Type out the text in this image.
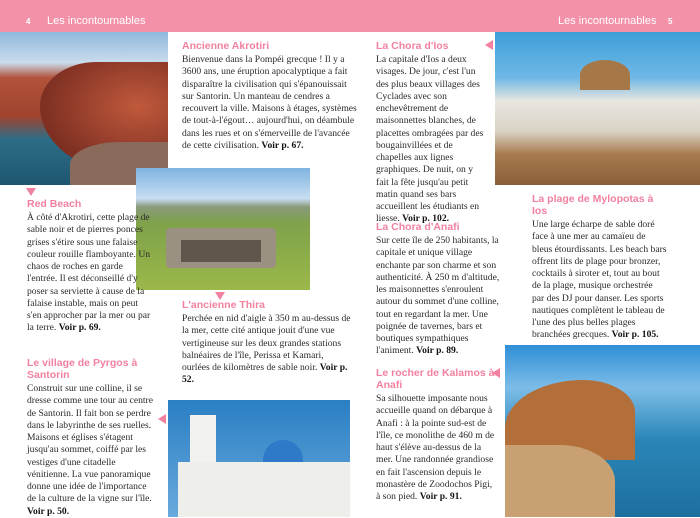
4 Les incontournables	Les incontournables 5
Ancienne Akrotiri
Bienvenue dans la Pompéi grecque ! Il y a 3600 ans, une éruption apocalyptique a fait disparaître la civilisation qui s'épanouissait sur Santorin. Un manteau de cendres a recouvert la ville. Maisons à étages, systèmes de tout-à-l'égout… aujourd'hui, on déambule dans les rues et on s'émerveille de l'avancée de cette civilisation. Voir p. 67.
Red Beach
À côté d'Akrotiri, cette plage de sable noir et de pierres ponces grises s'étire sous une falaise couleur rouille flamboyante. Un chaos de roches en garde l'entrée. Il est déconseillé d'y poser sa serviette à cause de la falaise instable, mais on peut s'en approcher par la mer ou par la terre. Voir p. 69.
L'ancienne Thira
Perchée en nid d'aigle à 350 m au-dessus de la mer, cette cité antique jouit d'une vue vertigineuse sur les deux grandes stations balnéaires de l'île, Perissa et Kamari, ourlées de kilomètres de sable noir. Voir p. 52.
Le village de Pyrgos à Santorin
Construit sur une colline, il se dresse comme une tour au centre de Santorin. Il fait bon se perdre dans le labyrinthe de ses ruelles. Maisons et églises s'étagent jusqu'au sommet, coiffé par les vestiges d'une citadelle vénitienne. La vue panoramique donne une idée de l'importance de la culture de la vigne sur l'île. Voir p. 50.
La Chora d'Ios
La capitale d'Ios a deux visages. De jour, c'est l'un des plus beaux villages des Cyclades avec son enchevêtrement de maisonnettes blanches, de placettes ombragées par des bougainvillées et de chapelles aux lignes graphiques. De nuit, on y fait la fête jusqu'au petit matin quand ses bars accueillent les étudiants en liesse. Voir p. 102.
La Chora d'Anafi
Sur cette île de 250 habitants, la capitale et unique village enchante par son charme et son authenticité. À 250 m d'altitude, les maisonnettes s'enroulent autour du sommet d'une colline, tout en regardant la mer. Une poignée de tavernes, bars et boutiques sympathiques l'animent. Voir p. 89.
Le rocher de Kalamos à Anafi
Sa silhouette imposante nous accueille quand on débarque à Anafi : à la pointe sud-est de l'île, ce monolithe de 460 m de haut s'élève au-dessus de la mer. Une randonnée grandiose en fait l'ascension depuis le monastère de Zoodochos Pigi, à son pied. Voir p. 91.
La plage de Mylopotas à Ios
Une large écharpe de sable doré face à une mer au camaïeu de bleus étourdissants. Les beach bars offrent lits de plage pour bronzer, cocktails à siroter et, tout au bout de la plage, musique orchestrée par des DJ pour danser. Les sports nautiques complètent le tableau de l'une des plus belles plages branchées grecques. Voir p. 105.
